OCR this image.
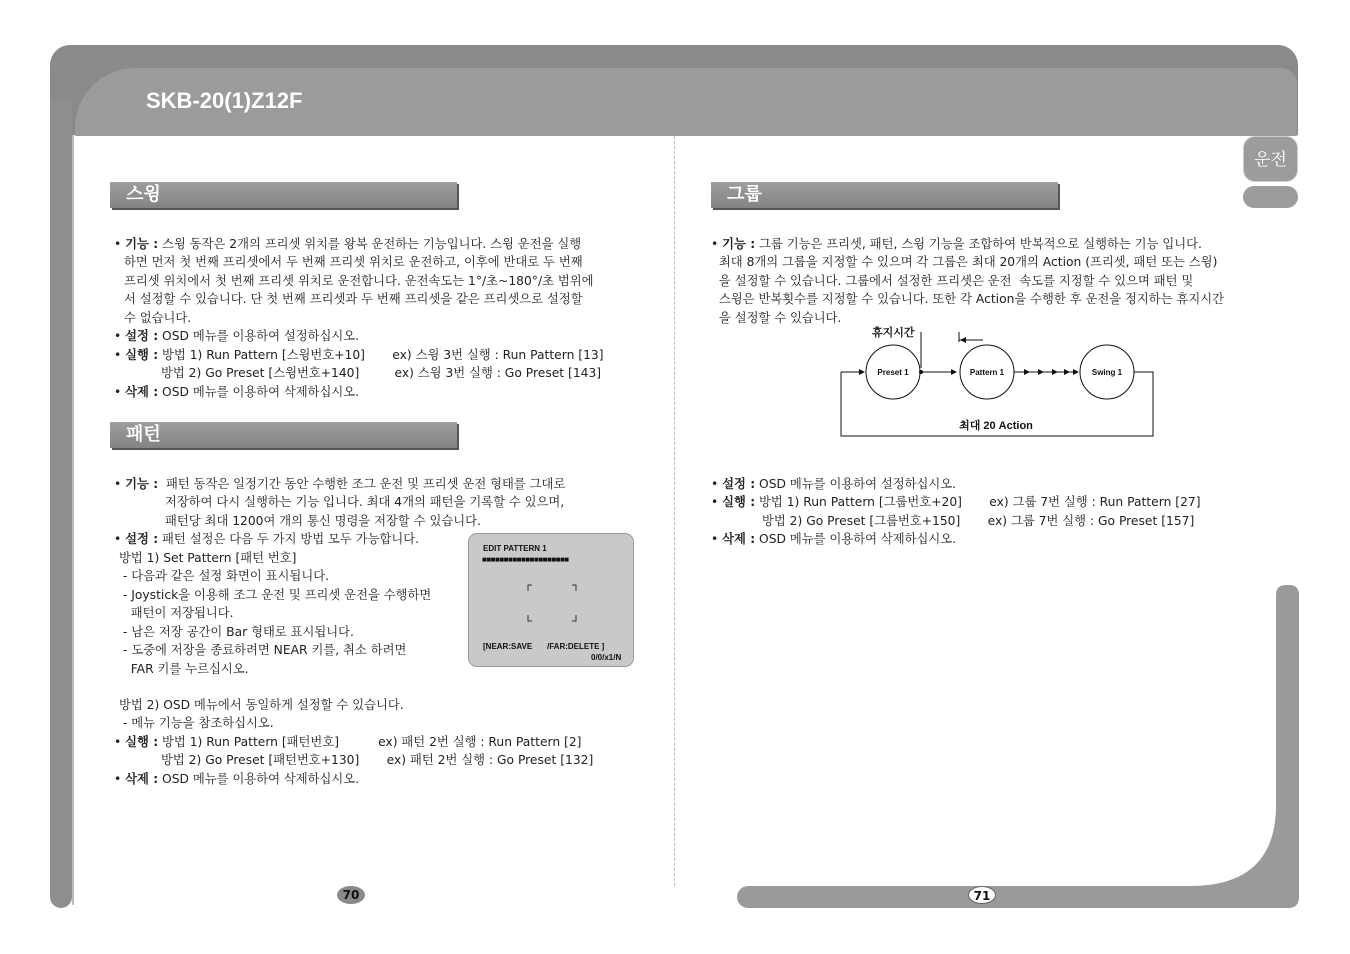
SKB-20(1)Z12F
운전
스윙

• 기능 : 스윙 동작은 2개의 프리셋 위치를 왕복 운전하는 기능입니다. 스윙 운전을 실행
하면 먼저 첫 번째 프리셋에서 두 번째 프리셋 위치로 운전하고, 이후에 반대로 두 번째
프리셋 위치에서 첫 번째 프리셋 위치로 운전합니다. 운전속도는 1°/초~180°/초 범위에
서 설정할 수 있습니다. 단 첫 번째 프리셋과 두 번째 프리셋을 같은 프리셋으로 설정할
수 없습니다.
• 설정 : OSD 메뉴를 이용하여 설정하십시오.
• 실행 : 방법 1) Run Pattern [스윙번호+10]       ex) 스윙 3번 실행 : Run Pattern [13]
방법 2) Go Preset [스윙번호+140]         ex) 스윙 3번 실행 : Go Preset [143]
• 삭제 : OSD 메뉴를 이용하여 삭제하십시오.

패턴

• 기능 :  패턴 동작은 일정기간 동안 수행한 조그 운전 및 프리셋 운전 형태를 그대로
저장하여 다시 실행하는 기능 입니다. 최대 4개의 패턴을 기록할 수 있으며,
패턴당 최대 1200여 개의 통신 명령을 저장할 수 있습니다.
• 설정 : 패턴 설정은 다음 두 가지 방법 모두 가능합니다.

방법 1) Set Pattern [패턴 번호]
- 다음과 같은 설정 화면이 표시됩니다.
- Joystick을 이용해 조그 운전 및 프리셋 운전을 수행하면
패턴이 저장됩니다.
- 남은 저장 공간이 Bar 형태로 표시됩니다.
- 도중에 저장을 종료하려면 NEAR 키를, 취소 하려면
FAR 키를 누르십시오.

방법 2) OSD 메뉴에서 동일하게 설정할 수 있습니다.
- 메뉴 기능을 참조하십시오.

• 실행 : 방법 1) Run Pattern [패턴번호]          ex) 패턴 2번 실행 : Run Pattern [2]
방법 2) Go Preset [패턴번호+130]       ex) 패턴 2번 실행 : Go Preset [132]
• 삭제 : OSD 메뉴를 이용하여 삭제하십시오.

EDIT PATTERN 1
■■■■■■■■■■■■■■■■■■■■
[NEAR:SAVE /FAR:DELETE ]
0/0/x1/N
그룹

• 기능 : 그룹 기능은 프리셋, 패턴, 스윙 기능을 조합하여 반복적으로 실행하는 기능 입니다.
최대 8개의 그룹을 지정할 수 있으며 각 그룹은 최대 20개의 Action (프리셋, 패턴 또는 스윙)
을 설정할 수 있습니다. 그룹에서 설정한 프리셋은 운전  속도를 지정할 수 있으며 패턴 및
스윙은 반복횟수를 지정할 수 있습니다. 또한 각 Action을 수행한 후 운전을 정지하는 휴지시간
을 설정할 수 있습니다.

휴지시간
Preset 1	Pattern 1	Swing 1
최대 20 Action

• 설정 : OSD 메뉴를 이용하여 설정하십시오.
• 실행 : 방법 1) Run Pattern [그룹번호+20]       ex) 그룹 7번 실행 : Run Pattern [27]
방법 2) Go Preset [그룹번호+150]       ex) 그룹 7번 실행 : Go Preset [157]
• 삭제 : OSD 메뉴를 이용하여 삭제하십시오.

70	71
